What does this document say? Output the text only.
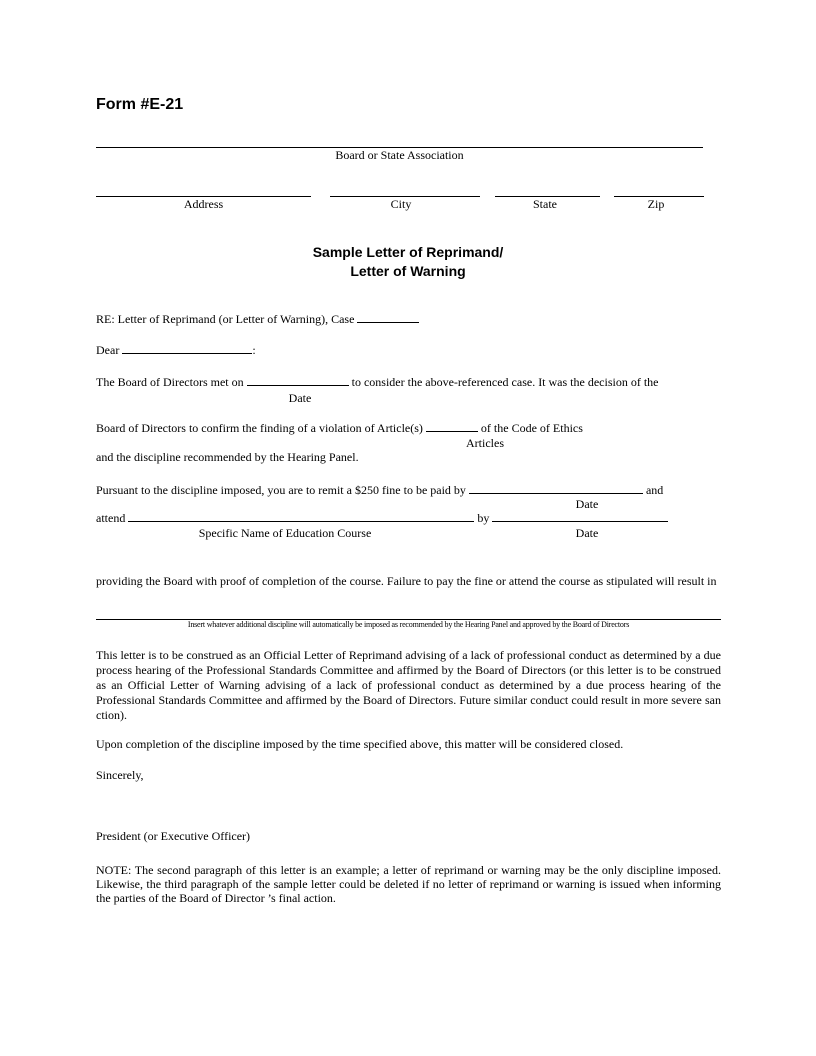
Form #E-21
Board or State Association
Address	City	State	Zip
Sample Letter of Reprimand/
Letter of Warning
RE: Letter of Reprimand (or Letter of Warning), Case
Dear	:
The Board of Directors met on	to consider the above-referenced case. It was the decision of the
Date
Board of Directors to confirm the finding of a violation of Article(s)	of the Code of Ethics
Articles
and the discipline recommended by the Hearing Panel.
Pursuant to the discipline imposed, you are to remit a $250 fine to be paid by	and
Date
attend	by
Specific Name of Education Course	Date
providing the Board with proof of completion of the course. Failure to pay the fine or attend the course as stipulated will result in
Insert whatever additional discipline will automatically be imposed as recommended by the Hearing Panel and approved by the Board of Directors
This letter is to be construed as an Official Letter of Reprimand advising of a lack of professional conduct as determined by a due process hearing of the Professional Standards Committee and affirmed by the Board of Directors (or this letter is to be construed as an Official Letter of Warning advising of a lack of professional conduct as determined by a due process hearing of the Professional Standards Committee and affirmed by the Board of Directors. Future similar conduct could result in more severe san ction).
Upon completion of the discipline imposed by the time specified above, this matter will be considered closed.
Sincerely,
President (or Executive Officer)
NOTE: The second paragraph of this letter is an example; a letter of reprimand or warning may be the only discipline imposed. Likewise, the third paragraph of the sample letter could be deleted if no letter of reprimand or warning is issued when informing the parties of the Board of Director ’s final action.
